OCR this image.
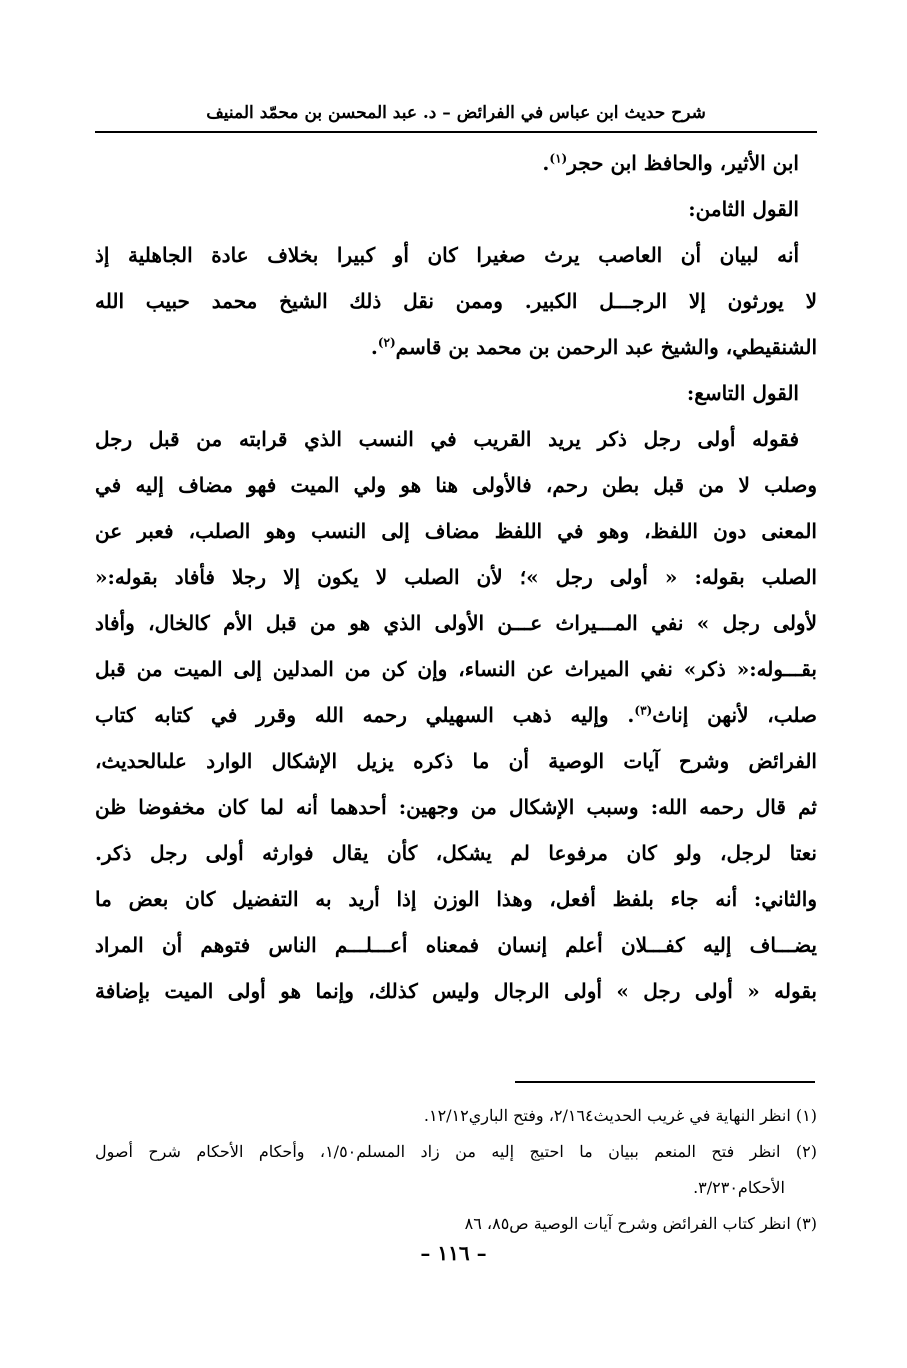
شرح حديث ابن عباس في الفرائض – د. عبد المحسن بن محمّد المنيف
ابن الأثير، والحافظ ابن حجر$^{(١)}$.
القول الثامن:
أنه لبيان أن العاصب يرث صغيرا كان أو كبيرا بخلاف عادة الجاهلية إذ
لا يورثون إلا الرجـــل الكبير. وممن نقل ذلك الشيخ محمد حبيب الله
الشنقيطي، والشيخ عبد الرحمن بن محمد بن قاسم$^{(٢)}$.
القول التاسع:
فقوله أولى رجل ذكر يريد القريب في النسب الذي قرابته من قبل رجل
وصلب لا من قبل بطن رحم، فالأولى هنا هو ولي الميت فهو مضاف إليه في
المعنى دون اللفظ، وهو في اللفظ مضاف إلى النسب وهو الصلب، فعبر عن
الصلب بقوله: « أولى رجل »؛ لأن الصلب لا يكون إلا رجلا فأفاد بقوله:«
لأولى رجل » نفي المـــيراث عـــن الأولى الذي هو من قبل الأم كالخال، وأفاد
بقـــوله:« ذكر» نفي الميراث عن النساء، وإن كن من المدلين إلى الميت من قبل
صلب، لأنهن إناث$^{(٣)}$. وإليه ذهب السهيلي رحمه الله وقرر في كتابه كتاب
الفرائض وشرح آيات الوصية أن ما ذكره يزيل الإشكال الوارد علىالحديث،
ثم قال رحمه الله: وسبب الإشكال من وجهين: أحدهما أنه لما كان مخفوضا ظن
نعتا لرجل، ولو كان مرفوعا لم يشكل، كأن يقال فوارثه أولى رجل ذكر.
والثاني: أنه جاء بلفظ أفعل، وهذا الوزن إذا أريد به التفضيل كان بعض ما
يضـــاف إليه كفـــلان أعلم إنسان فمعناه أعـــلـــم الناس فتوهم أن المراد
بقوله « أولى رجل » أولى الرجال وليس كذلك، وإنما هو أولى الميت بإضافة
(١) انظر النهاية في غريب الحديث٢/١٦٤، وفتح الباري١٢/١٢.
(٢) انظر فتح المنعم ببيان ما احتيج إليه من زاد المسلم١/٥٠، وأحكام الأحكام شرح أصول
الأحكام٣/٢٣٠.
(٣) انظر كتاب الفرائض وشرح آيات الوصية ص٨٥، ٨٦
– ١١٦ –
